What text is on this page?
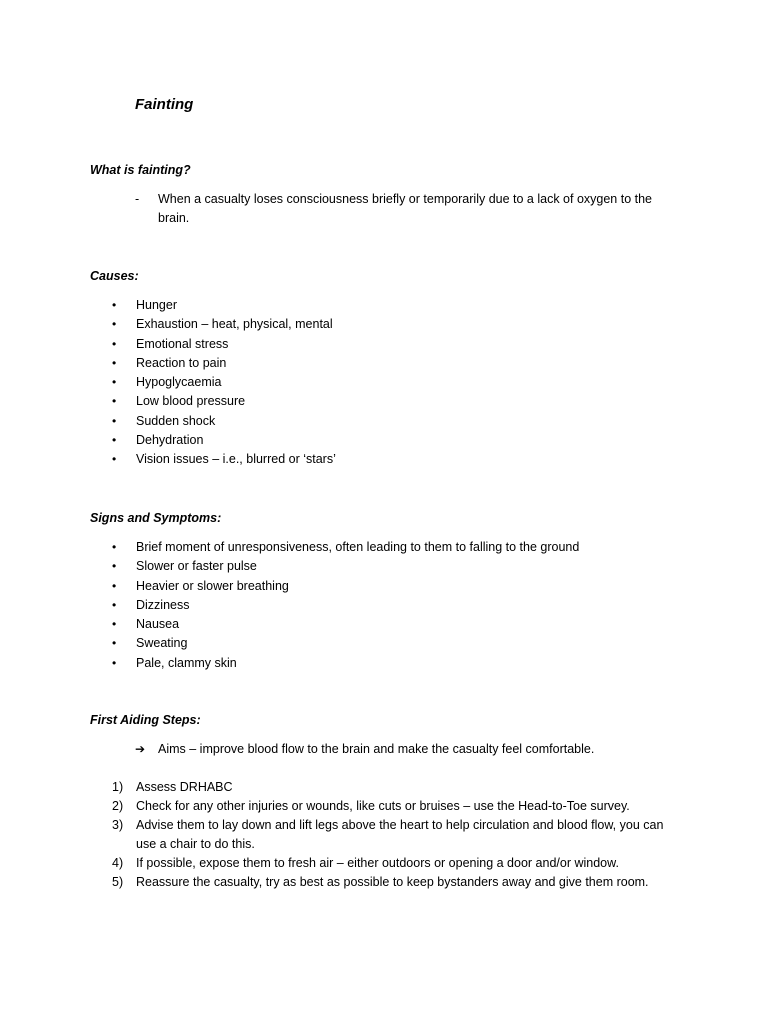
Fainting
What is fainting?
- When a casualty loses consciousness briefly or temporarily due to a lack of oxygen to the brain.
Causes:
• Hunger
• Exhaustion – heat, physical, mental
• Emotional stress
• Reaction to pain
• Hypoglycaemia
• Low blood pressure
• Sudden shock
• Dehydration
• Vision issues – i.e., blurred or ‘stars’
Signs and Symptoms:
• Brief moment of unresponsiveness, often leading to them to falling to the ground
• Slower or faster pulse
• Heavier or slower breathing
• Dizziness
• Nausea
• Sweating
• Pale, clammy skin
First Aiding Steps:
➔ Aims – improve blood flow to the brain and make the casualty feel comfortable.
1) Assess DRHABC
2) Check for any other injuries or wounds, like cuts or bruises – use the Head-to-Toe survey.
3) Advise them to lay down and lift legs above the heart to help circulation and blood flow, you can use a chair to do this.
4) If possible, expose them to fresh air – either outdoors or opening a door and/or window.
5) Reassure the casualty, try as best as possible to keep bystanders away and give them room.
